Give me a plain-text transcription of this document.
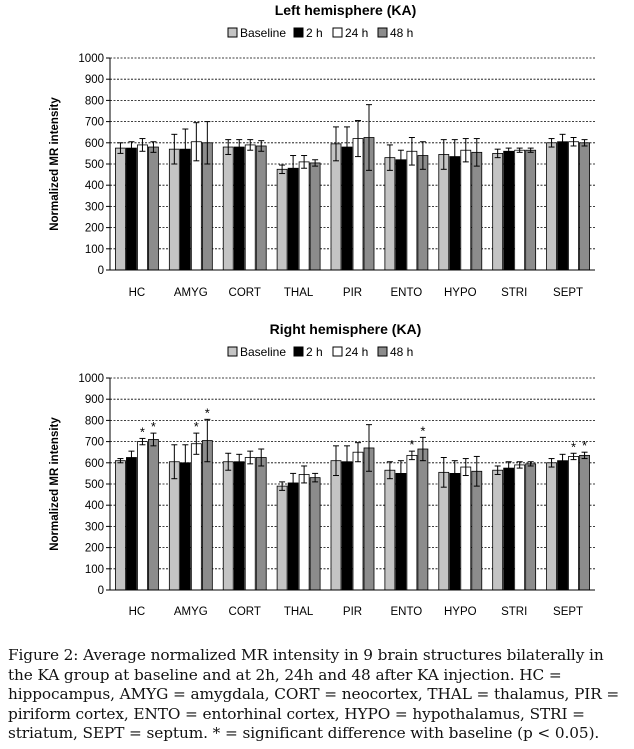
Left hemisphere (KA)
Baseline 2 h 24 h 48 h
0
100
200
300
400
500
600
700
800
900
1000
Normalized MR intensity
HC AMYG CORT THAL	PIR ENTO HYPO STRI SEPT
Right hemisphere (KA)
Baseline 2 h 24 h 48 h
0
100
200
300
400
500
600
700
800
900
1000
Normalized MR intensity
HC AMYG CORT THAL	PIR ENTO HYPO STRI SEPT
* *	*
*
*
*
* *
Figure 2: Average normalized MR intensity in 9 brain structures bilaterally in the KA group at baseline and at 2h, 24h and 48 after KA injection. HC = hippocampus, AMYG = amygdala, CORT = neocortex, THAL = thalamus, PIR = piriform cortex, ENTO = entorhinal cortex, HYPO = hypothalamus, STRI = striatum, SEPT = septum. * = significant difference with baseline (p < 0.05).
